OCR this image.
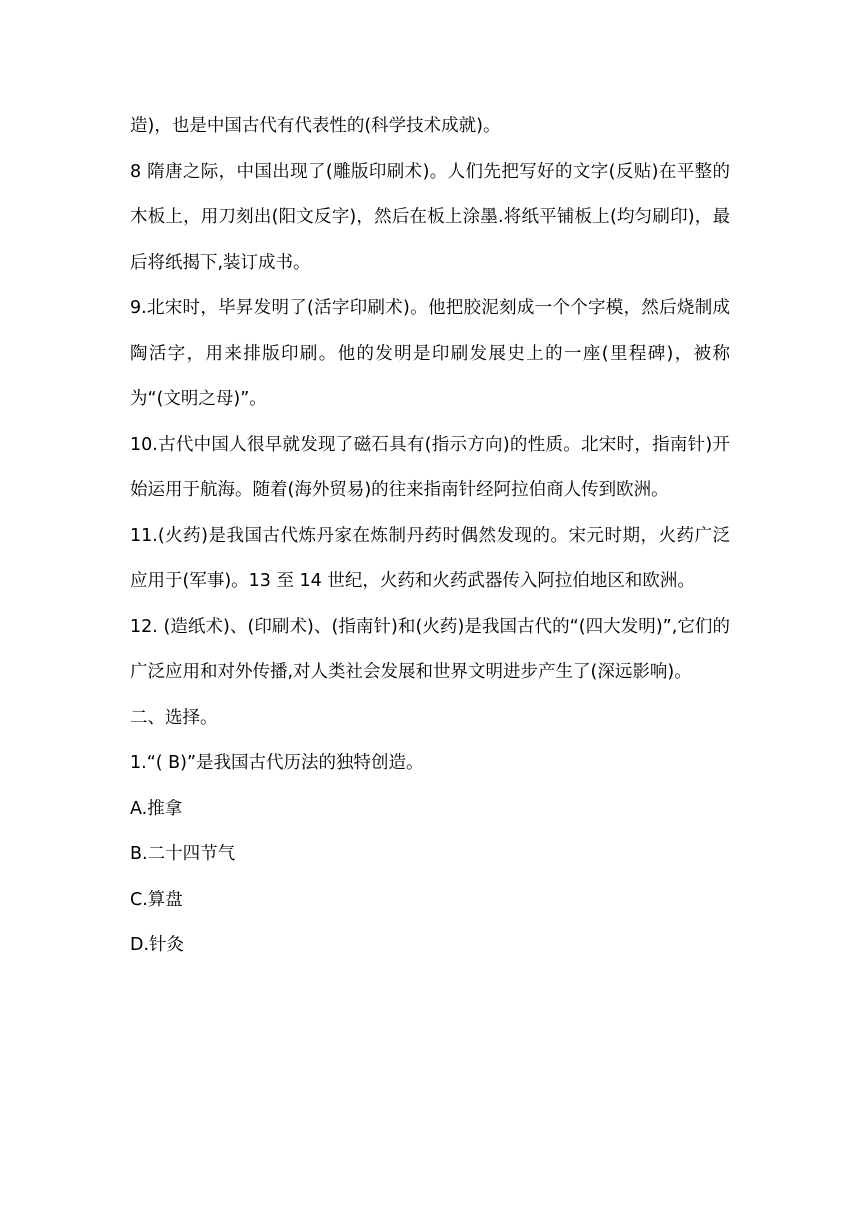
造)，也是中国古代有代表性的(科学技术成就)。

8 隋唐之际，中国出现了(雕版印刷术)。人们先把写好的文字(反贴)在平整的木板上，用刀刻出(阳文反字)，然后在板上涂墨.将纸平铺板上(均匀刷印)，最后将纸揭下,装订成书。

9.北宋时，毕昇发明了(活字印刷术)。他把胶泥刻成一个个字模，然后烧制成陶活字，用来排版印刷。他的发明是印刷发展史上的一座(里程碑)，被称为“(文明之母)”。

10.古代中国人很早就发现了磁石具有(指示方向)的性质。北宋时，指南针)开始运用于航海。随着(海外贸易)的往来指南针经阿拉伯商人传到欧洲。

11.(火药)是我国古代炼丹家在炼制丹药时偶然发现的。宋元时期，火药广泛应用于(军事)。13 至 14 世纪，火药和火药武器传入阿拉伯地区和欧洲。

12. (造纸术)、(印刷术)、(指南针)和(火药)是我国古代的“(四大发明)”,它们的广泛应用和对外传播,对人类社会发展和世界文明进步产生了(深远影响)。

二、选择。

1.“( B)”是我国古代历法的独特创造。

A.推拿

B.二十四节气

C.算盘

D.针灸
